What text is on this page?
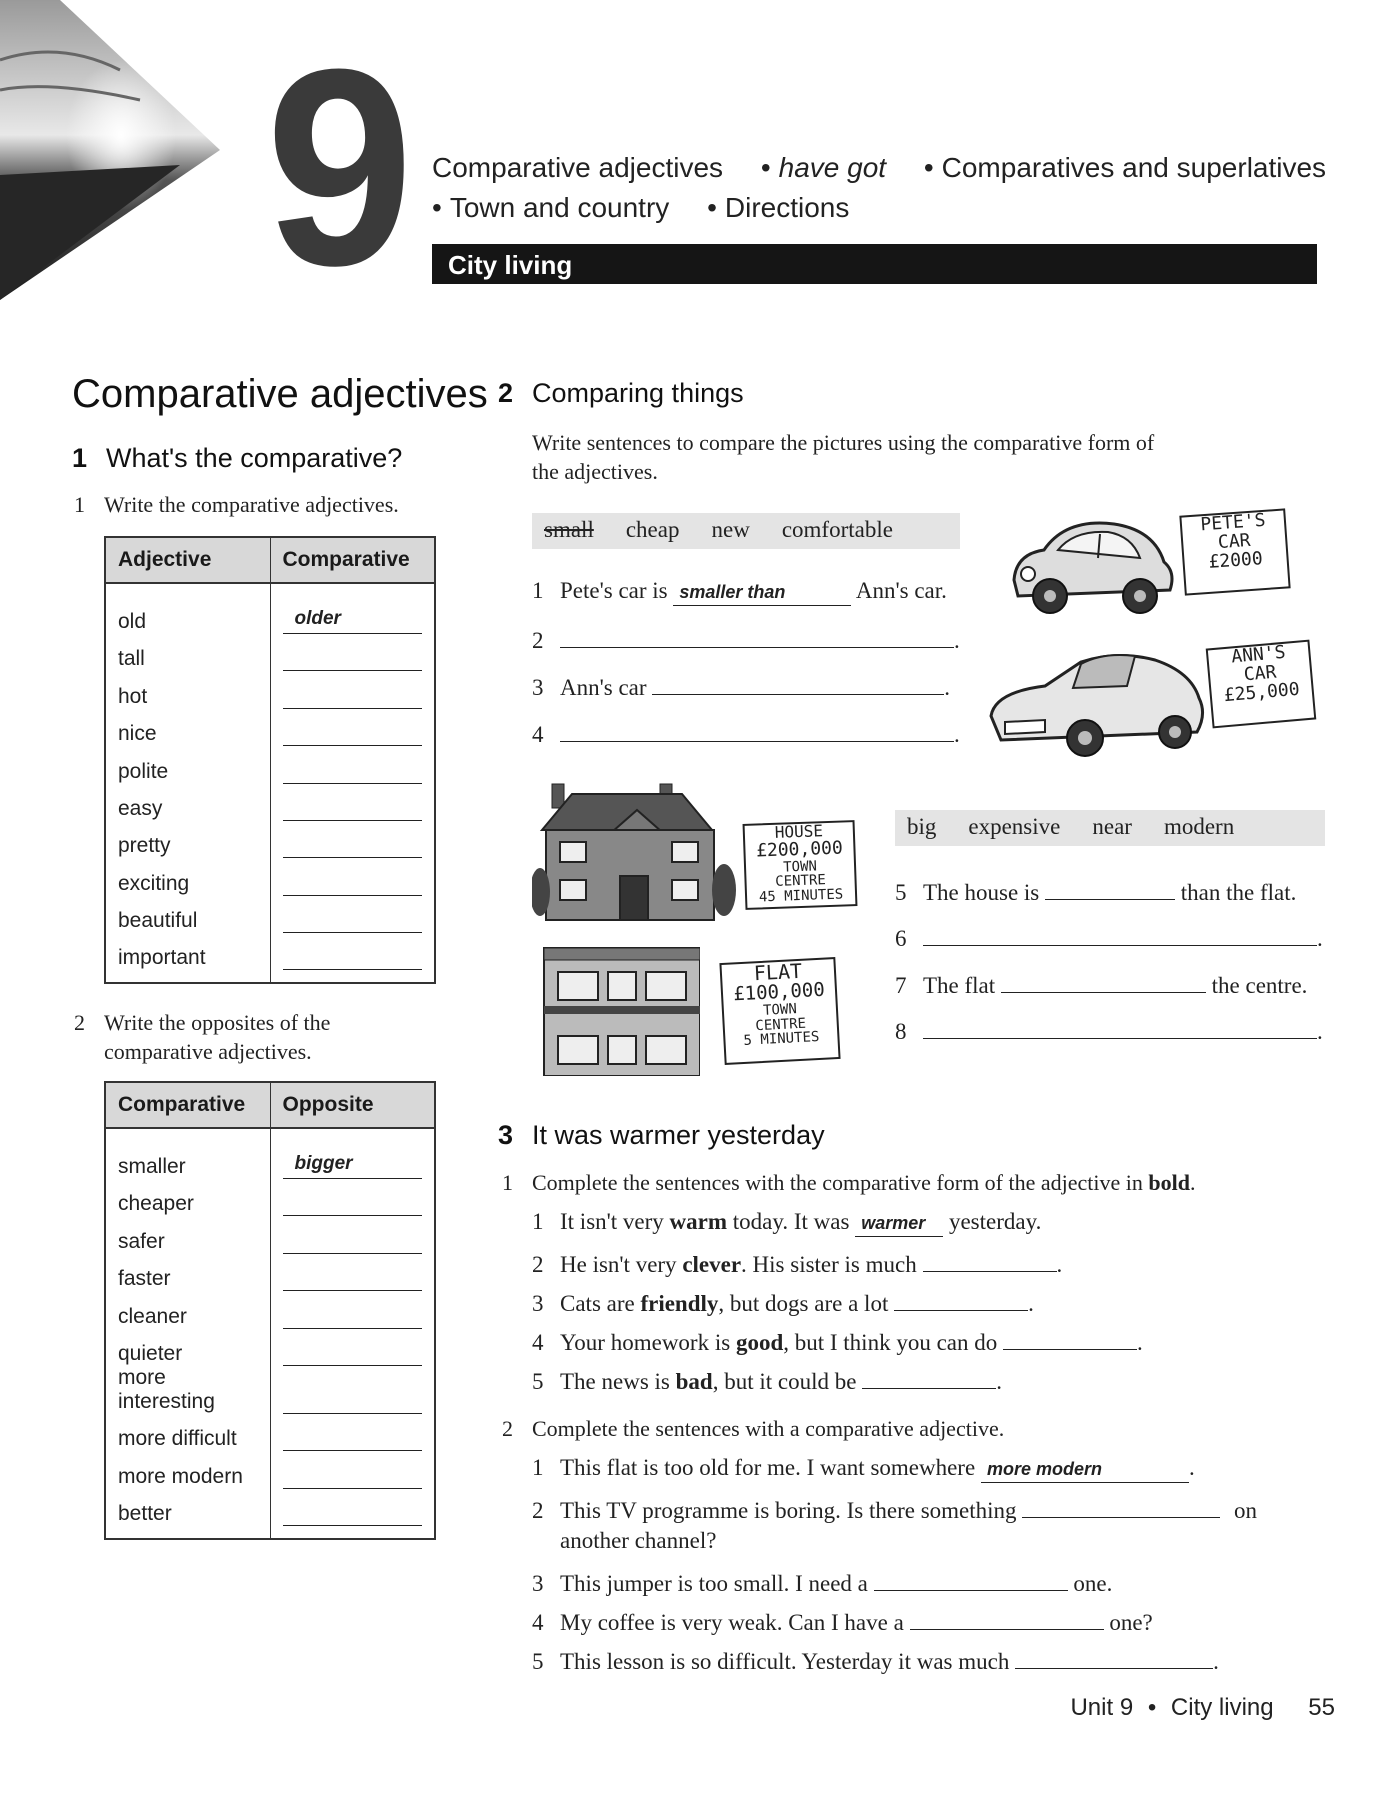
9 Comparative adjectives • have got • Comparatives and superlatives
• Town and country • Directions
City living
Comparative adjectives
1 What's the comparative?
1 Write the comparative adjectives.
Adjective	Comparative
old	older

tall	

hot	

nice	

polite	

easy	

pretty	

exciting	

beautiful	

important	
2 Write the opposites of the
comparative adjectives.
Comparative	Opposite
smaller	bigger

cheaper	

safer	

faster	

cleaner	

quieter	

more interesting	

more difficult	

more modern	

better	
2 Comparing things
Write sentences to compare the pictures using the comparative form of
the adjectives.
small cheap new comfortable
1 Pete's car is smaller than	Ann's car.
2	.
3 Ann's car	.
4	.
PETE'S
CAR
£2000
ANN'S
CAR
£25,000
HOUSE
£200,000
TOWN
CENTRE
45 MINUTES
FLAT
£100,000
TOWN
CENTRE
5 MINUTES
big expensive near modern
5 The house is	than the flat.
6	.
7 The flat	the centre.
8	.
3 It was warmer yesterday
1 Complete the sentences with the comparative form of the adjective in bold.
1 It isn't very warm today. It was warmer yesterday.
2 He isn't very clever. His sister is much	.
3 Cats are friendly, but dogs are a lot	.
4 Your homework is good, but I think you can do	.
5 The news is bad, but it could be	.
2 Complete the sentences with a comparative adjective.
1 This flat is too old for me. I want somewhere more modern	.
2 This TV programme is boring. Is there something	on
another channel?
3 This jumper is too small. I need a	one.
4 My coffee is very weak. Can I have a	one?
5 This lesson is so difficult. Yesterday it was much	.
Unit 9 • City living 55
